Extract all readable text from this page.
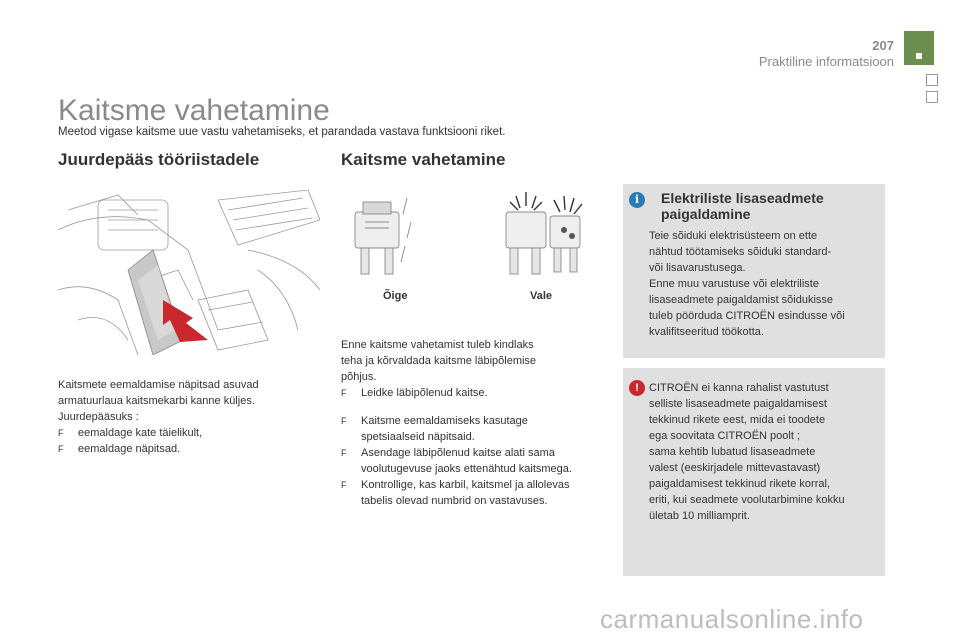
207
Praktiline informatsioon
Kaitsme vahetamine
Meetod vigase kaitsme uue vastu vahetamiseks, et parandada vastava funktsiooni riket.
Juurdepääs tööriistadele

Kaitsmete eemaldamise näpitsad asuvad

armatuurlaua kaitsmekarbi kanne küljes.

Juurdepääsuks :

F	eemaldage kate täielikult,
F	eemaldage näpitsad.
Kaitsme vahetamine
Õige	Vale

Enne kaitsme vahetamist tuleb kindlaks

teha ja kõrvaldada kaitsme läbipõlemise

põhjus.

F	Leidke läbipõlenud kaitse.
F	Kaitsme eemaldamiseks kasutage
spetsiaalseid näpitsaid.
F	Asendage läbipõlenud kaitse alati sama
voolutugevuse jaoks ettenähtud kaitsmega.
F	Kontrollige, kas karbil, kaitsmel ja allolevas
tabelis olevad numbrid on vastavuses.
i	Elektriliste lisaseadmete
paigaldamine
Teie sõiduki elektrisüsteem on ette
nähtud töötamiseks sõiduki standard-
või lisavarustusega.
Enne muu varustuse või elektriliste
lisaseadmete paigaldamist sõidukisse
tuleb pöörduda CITROËN esindusse või
kvalifitseeritud töökotta.
! CITROËN ei kanna rahalist vastutust
selliste lisaseadmete paigaldamisest
tekkinud rikete eest, mida ei toodete
ega soovitata CITROËN poolt ;
sama kehtib lubatud lisaseadmete
valest (eeskirjadele mittevastavast)
paigaldamisest tekkinud rikete korral,
eriti, kui seadmete voolutarbimine kokku
ületab 10 milliamprit.
carmanualsonline.info
